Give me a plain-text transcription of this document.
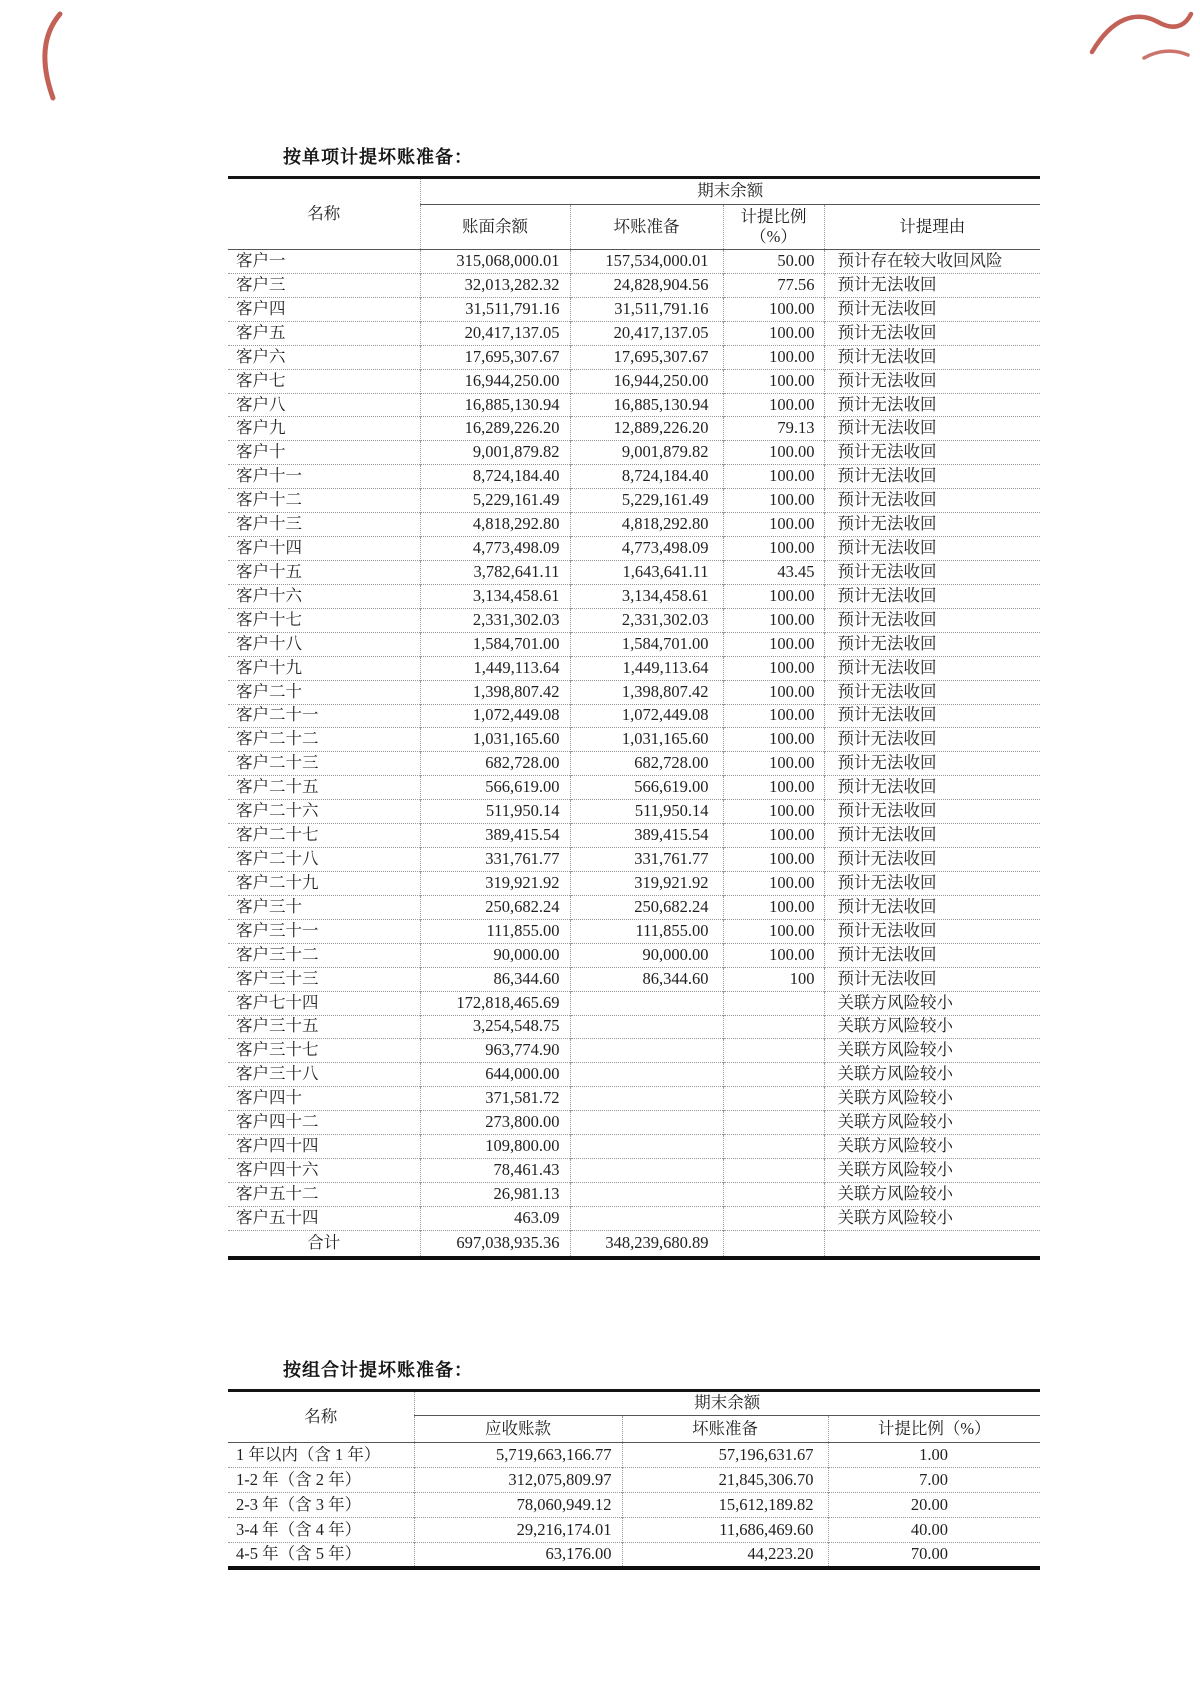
按单项计提坏账准备：
名称	期末余额			
	账面余额	坏账准备	计提比例
（%）	计提理由
客户一	315,068,000.01	157,534,000.01	50.00	预计存在较大收回风险
客户三	32,013,282.32	24,828,904.56	77.56	预计无法收回
客户四	31,511,791.16	31,511,791.16	100.00	预计无法收回
客户五	20,417,137.05	20,417,137.05	100.00	预计无法收回
客户六	17,695,307.67	17,695,307.67	100.00	预计无法收回
客户七	16,944,250.00	16,944,250.00	100.00	预计无法收回
客户八	16,885,130.94	16,885,130.94	100.00	预计无法收回
客户九	16,289,226.20	12,889,226.20	79.13	预计无法收回
客户十	9,001,879.82	9,001,879.82	100.00	预计无法收回
客户十一	8,724,184.40	8,724,184.40	100.00	预计无法收回
客户十二	5,229,161.49	5,229,161.49	100.00	预计无法收回
客户十三	4,818,292.80	4,818,292.80	100.00	预计无法收回
客户十四	4,773,498.09	4,773,498.09	100.00	预计无法收回
客户十五	3,782,641.11	1,643,641.11	43.45	预计无法收回
客户十六	3,134,458.61	3,134,458.61	100.00	预计无法收回
客户十七	2,331,302.03	2,331,302.03	100.00	预计无法收回
客户十八	1,584,701.00	1,584,701.00	100.00	预计无法收回
客户十九	1,449,113.64	1,449,113.64	100.00	预计无法收回
客户二十	1,398,807.42	1,398,807.42	100.00	预计无法收回
客户二十一	1,072,449.08	1,072,449.08	100.00	预计无法收回
客户二十二	1,031,165.60	1,031,165.60	100.00	预计无法收回
客户二十三	682,728.00	682,728.00	100.00	预计无法收回
客户二十五	566,619.00	566,619.00	100.00	预计无法收回
客户二十六	511,950.14	511,950.14	100.00	预计无法收回
客户二十七	389,415.54	389,415.54	100.00	预计无法收回
客户二十八	331,761.77	331,761.77	100.00	预计无法收回
客户二十九	319,921.92	319,921.92	100.00	预计无法收回
客户三十	250,682.24	250,682.24	100.00	预计无法收回
客户三十一	111,855.00	111,855.00	100.00	预计无法收回
客户三十二	90,000.00	90,000.00	100.00	预计无法收回
客户三十三	86,344.60	86,344.60	100	预计无法收回
客户七十四	172,818,465.69			关联方风险较小
客户三十五	3,254,548.75			关联方风险较小
客户三十七	963,774.90			关联方风险较小
客户三十八	644,000.00			关联方风险较小
客户四十	371,581.72			关联方风险较小
客户四十二	273,800.00			关联方风险较小
客户四十四	109,800.00			关联方风险较小
客户四十六	78,461.43			关联方风险较小
客户五十二	26,981.13			关联方风险较小
客户五十四	463.09			关联方风险较小
合计	697,038,935.36	348,239,680.89		
按组合计提坏账准备：
名称	期末余额		
	应收账款	坏账准备	计提比例（%）
1 年以内（含 1 年）	5,719,663,166.77	57,196,631.67	1.00
1-2 年（含 2 年）	312,075,809.97	21,845,306.70	7.00
2-3 年（含 3 年）	78,060,949.12	15,612,189.82	20.00
3-4 年（含 4 年）	29,216,174.01	11,686,469.60	40.00
4-5 年（含 5 年）	63,176.00	44,223.20	70.00
